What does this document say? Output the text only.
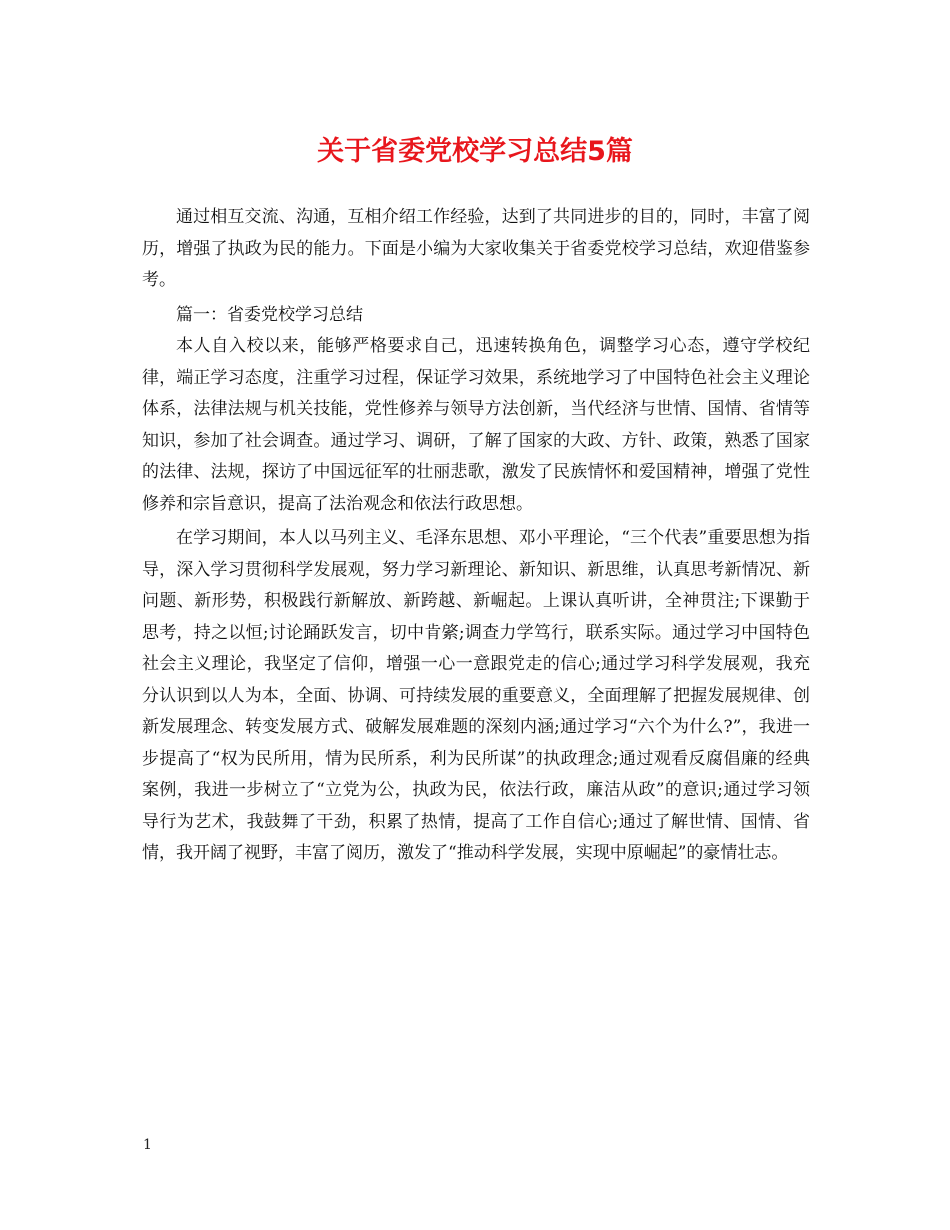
关于省委党校学习总结5篇

通过相互交流、沟通，互相介绍工作经验，达到了共同进步的目的，同时，丰富了阅历，增强了执政为民的能力。下面是小编为大家收集关于省委党校学习总结，欢迎借鉴参考。

篇一：省委党校学习总结

本人自入校以来，能够严格要求自己，迅速转换角色，调整学习心态，遵守学校纪律，端正学习态度，注重学习过程，保证学习效果，系统地学习了中国特色社会主义理论体系，法律法规与机关技能，党性修养与领导方法创新，当代经济与世情、国情、省情等知识，参加了社会调查。通过学习、调研，了解了国家的大政、方针、政策，熟悉了国家的法律、法规，探访了中国远征军的壮丽悲歌，激发了民族情怀和爱国精神，增强了党性修养和宗旨意识，提高了法治观念和依法行政思想。

在学习期间，本人以马列主义、毛泽东思想、邓小平理论，“三个代表”重要思想为指导，深入学习贯彻科学发展观，努力学习新理论、新知识、新思维，认真思考新情况、新问题、新形势，积极践行新解放、新跨越、新崛起。上课认真听讲，全神贯注;下课勤于思考，持之以恒;讨论踊跃发言，切中肯綮;调查力学笃行，联系实际。通过学习中国特色社会主义理论，我坚定了信仰，增强一心一意跟党走的信心;通过学习科学发展观，我充分认识到以人为本，全面、协调、可持续发展的重要意义，全面理解了把握发展规律、创新发展理念、转变发展方式、破解发展难题的深刻内涵;通过学习“六个为什么?”，我进一步提高了“权为民所用，情为民所系，利为民所谋”的执政理念;通过观看反腐倡廉的经典案例，我进一步树立了“立党为公，执政为民，依法行政，廉洁从政”的意识;通过学习领导行为艺术，我鼓舞了干劲，积累了热情，提高了工作自信心;通过了解世情、国情、省情，我开阔了视野，丰富了阅历，激发了“推动科学发展，实现中原崛起”的豪情壮志。

1
